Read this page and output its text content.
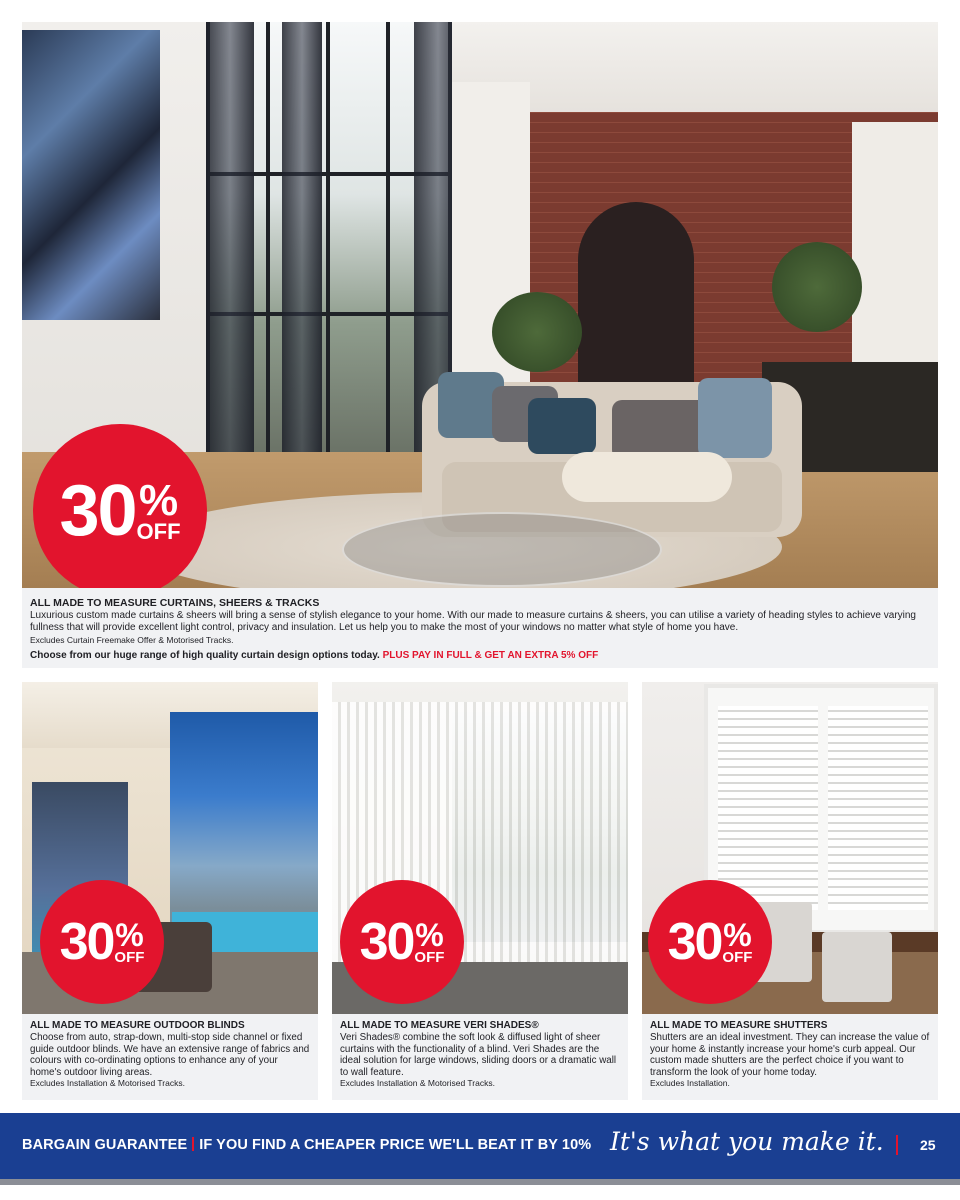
30 %
OFF
ALL MADE TO MEASURE CURTAINS, SHEERS & TRACKS
Luxurious custom made curtains & sheers will bring a sense of stylish elegance to your home. With our made to measure curtains & sheers, you can utilise a variety of heading styles to achieve varying fullness that will provide excellent light control, privacy and insulation. Let us help you to make the most of your windows no matter what style of home you have.
Excludes Curtain Freemake Offer & Motorised Tracks.
Choose from our huge range of high quality curtain design options today. PLUS PAY IN FULL & GET AN EXTRA 5% OFF
30 %
OFF
ALL MADE TO MEASURE OUTDOOR BLINDS
Choose from auto, strap-down, multi-stop side channel or fixed guide outdoor blinds. We have an extensive range of fabrics and colours with co-ordinating options to enhance any of your home's outdoor living areas.
Excludes Installation & Motorised Tracks.
30 %
OFF
ALL MADE TO MEASURE VERI SHADES®
Veri Shades® combine the soft look & diffused light of sheer curtains with the functionality of a blind. Veri Shades are the ideal solution for large windows, sliding doors or a dramatic wall to wall feature.
Excludes Installation & Motorised Tracks.
30 %
OFF
ALL MADE TO MEASURE SHUTTERS
Shutters are an ideal investment. They can increase the value of your home & instantly increase your home's curb appeal. Our custom made shutters are the perfect choice if you want to transform the look of your home today.
Excludes Installation.
BARGAIN GUARANTEE IF YOU FIND A CHEAPER PRICE WE'LL BEAT IT BY 10% It's what you make it.	25
